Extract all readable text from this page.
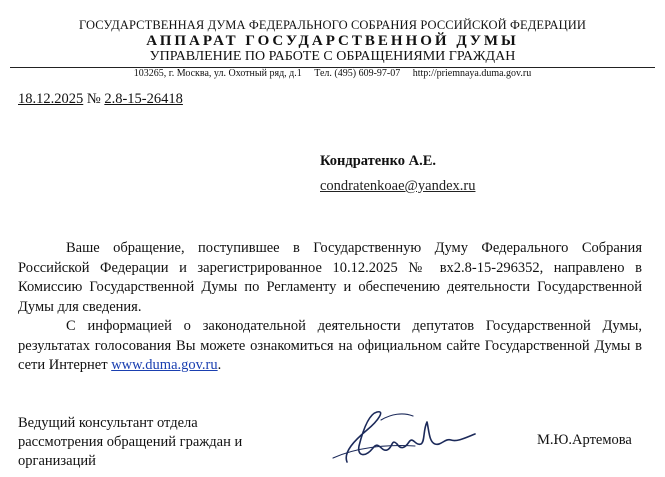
ГОСУДАРСТВЕННАЯ ДУМА ФЕДЕРАЛЬНОГО СОБРАНИЯ РОССИЙСКОЙ ФЕДЕРАЦИИ
АППАРАТ ГОСУДАРСТВЕННОЙ ДУМЫ
УПРАВЛЕНИЕ ПО РАБОТЕ С ОБРАЩЕНИЯМИ ГРАЖДАН
103265, г. Москва, ул. Охотный ряд, д.1 Тел. (495) 609-97-07 http://priemnaya.duma.gov.ru
18.12.2025 № 2.8-15-26418
Кондратенко А.Е.
condratenkoae@yandex.ru

Ваше обращение, поступившее в Государственную Думу Федерального Собрания Российской Федерации и зарегистрированное 10.12.2025 № вх2.8-15-296352, направлено в Комиссию Государственной Думы по Регламенту и обеспечению деятельности Государственной Думы для сведения.

С информацией о законодательной деятельности депутатов Государственной Думы, результатах голосования Вы можете ознакомиться на официальном сайте Государственной Думы в сети Интернет www.duma.gov.ru.

Ведущий консультант отдела
рассмотрения обращений граждан и
организаций
М.Ю.Артемова
